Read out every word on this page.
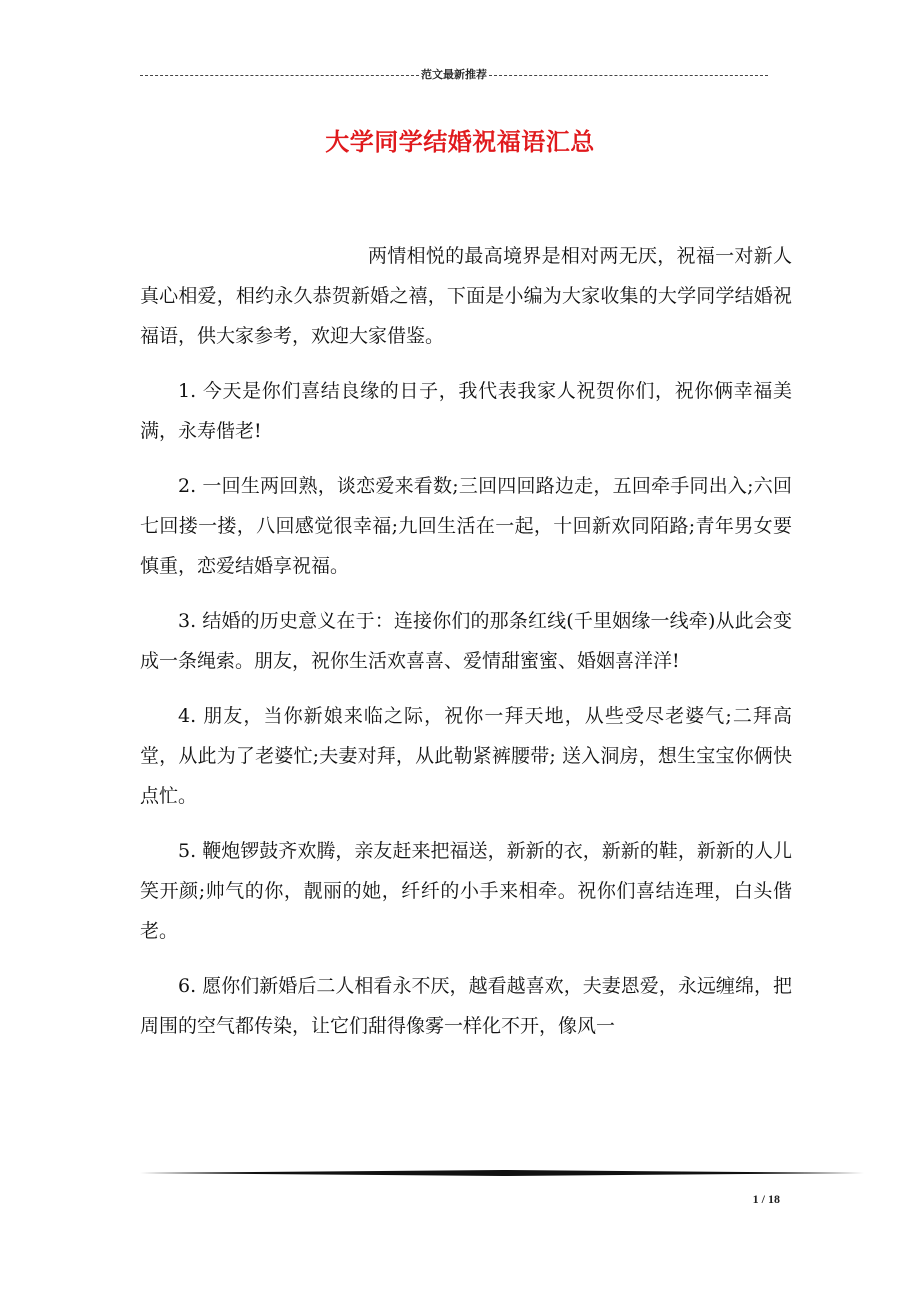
范文最新推荐
大学同学结婚祝福语汇总

两情相悦的最高境界是相对两无厌，祝福一对新人真心相爱，相约永久恭贺新婚之禧，下面是小编为大家收集的大学同学结婚祝福语，供大家参考，欢迎大家借鉴。

1. 今天是你们喜结良缘的日子，我代表我家人祝贺你们，祝你俩幸福美满，永寿偕老!

2. 一回生两回熟，谈恋爱来看数;三回四回路边走，五回牵手同出入;六回七回搂一搂，八回感觉很幸福;九回生活在一起，十回新欢同陌路;青年男女要慎重，恋爱结婚享祝福。

3. 结婚的历史意义在于：连接你们的那条红线(千里姻缘一线牵)从此会变成一条绳索。朋友，祝你生活欢喜喜、爱情甜蜜蜜、婚姻喜洋洋!

4. 朋友，当你新娘来临之际，祝你一拜天地，从些受尽老婆气;二拜高堂，从此为了老婆忙;夫妻对拜，从此勒紧裤腰带; 送入洞房，想生宝宝你俩快点忙。

5. 鞭炮锣鼓齐欢腾，亲友赶来把福送，新新的衣，新新的鞋，新新的人儿笑开颜;帅气的你，靓丽的她，纤纤的小手来相牵。祝你们喜结连理，白头偕老。

6. 愿你们新婚后二人相看永不厌，越看越喜欢，夫妻恩爱，永远缠绵，把周围的空气都传染，让它们甜得像雾一样化不开，像风一

1 / 18
